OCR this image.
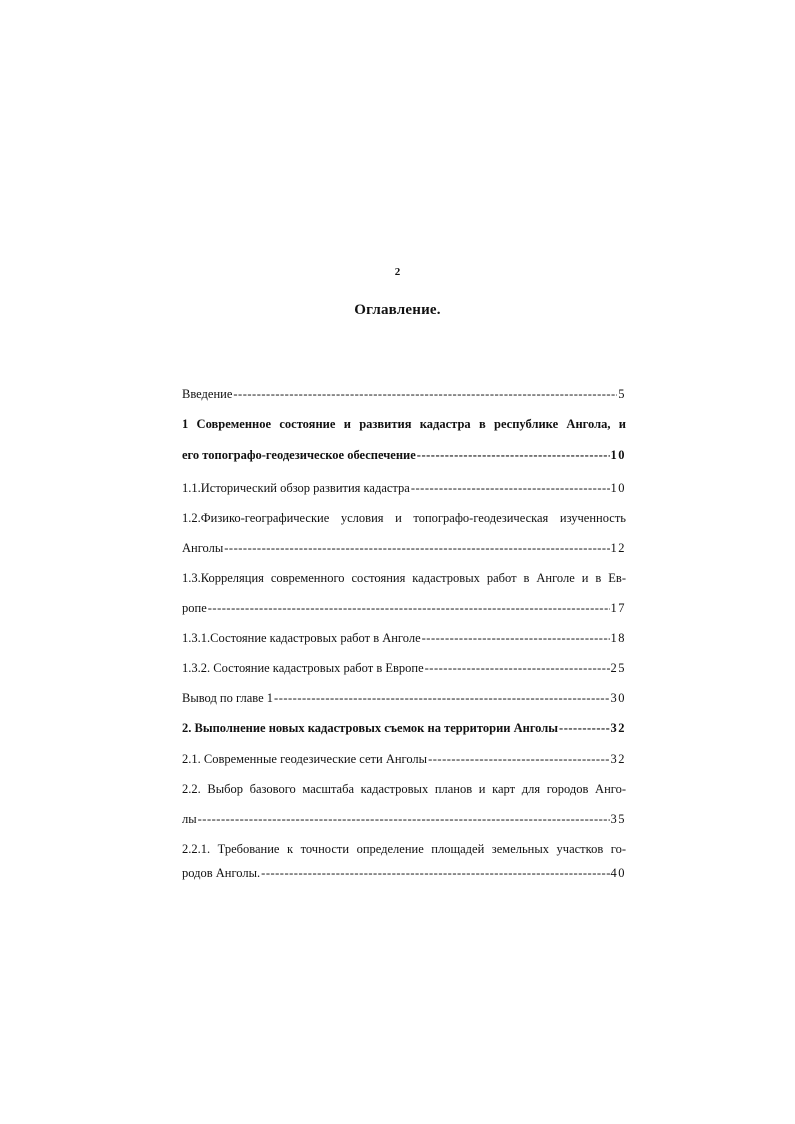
2
Оглавление.
Введение -----	5
1 Современное состояние и развития кадастра в республике Ангола, и
его топографо-геодезическое обеспечение -----	10
1.1.Исторический обзор развития кадастра -----	10
1.2.Физико-географические условия и топографо-геодезическая изученность
Анголы -----	12
1.3.Корреляция современного состояния кадастровых работ в Анголе и в Ев-
ропе -----	17
1.3.1.Состояние кадастровых работ в Анголе -----	18
1.3.2. Состояние кадастровых работ в Европе -----	25
Вывод по главе 1 -----	30
2. Выполнение новых кадастровых съемок на территории Анголы -----	32
2.1. Современные геодезические сети Анголы -----	32
2.2. Выбор базового масштаба кадастровых планов и карт для городов Анго-
лы -----	35
2.2.1. Требование к точности определение площадей земельных участков го-
родов Анголы. -----	40
